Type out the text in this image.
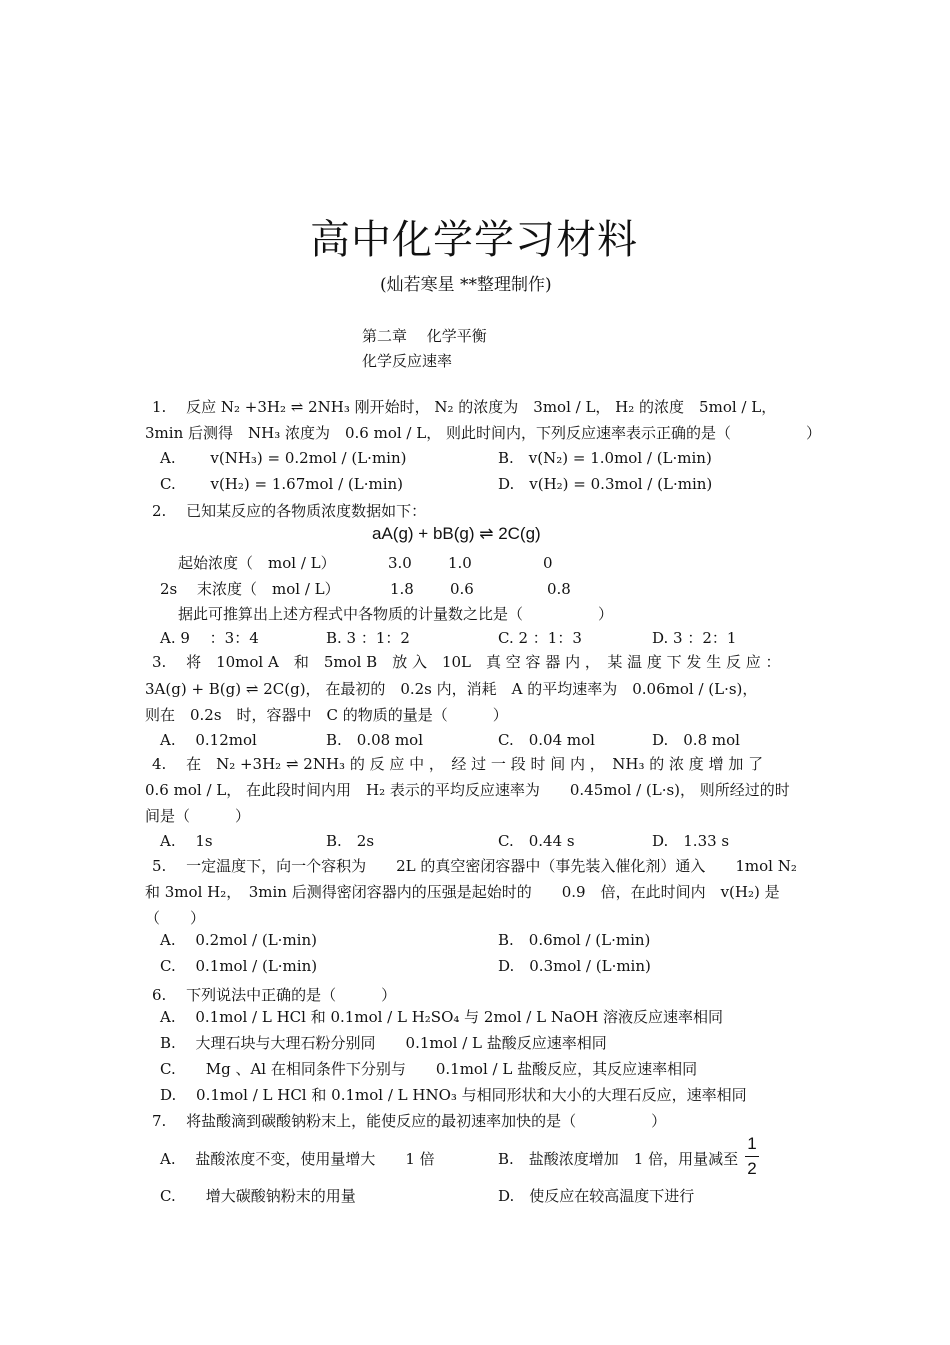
高中化学学习材料
(灿若寒星 **整理制作)
第二章　 化学平衡
化学反应速率
1.　 反应 N₂ +3H₂ ⇌ 2NH₃ 刚开始时， N₂ 的浓度为　3mol / L， H₂ 的浓度　5mol / L，
3min 后测得　NH₃ 浓度为　0.6 mol / L， 则此时间内，下列反应速率表示正确的是（　　　　　）
A.　　 v(NH₃) = 0.2mol / (L·min)	B.　v(N₂) = 1.0mol / (L·min)
C.　　 v(H₂) = 1.67mol / (L·min)	D.　v(H₂) = 0.3mol / (L·min)
2.　 已知某反应的各物质浓度数据如下：
aA(g) + bB(g) ⇌ 2C(g)
起始浓度（　mol / L）	3.0 1.0	0
2s　 末浓度（　mol / L）	1.8 0.6	0.8
据此可推算出上述方程式中各物质的计量数之比是（　　　　　）
A. 9　 ：3：4	B. 3 ：1：2	C. 2 ：1：3	D. 3 ：2：1
3.　 将　10mol A　和　5mol B　放 入　10L　真 空 容 器 内 ，　某 温 度 下 发 生 反 应 ：
3A(g) + B(g) ⇌ 2C(g)， 在最初的　0.2s 内，消耗　A 的平均速率为　0.06mol / (L·s)，
则在　0.2s　时，容器中　C 的物质的量是（　　　）
A.　 0.12mol	B.　0.08 mol	C.　0.04 mol	D.　0.8 mol
4.　 在　N₂ +3H₂ ⇌ 2NH₃ 的 反 应 中 ，　经 过 一 段 时 间 内 ，　NH₃ 的 浓 度 增 加 了
0.6 mol / L， 在此段时间内用　H₂ 表示的平均反应速率为　　0.45mol / (L·s)， 则所经过的时
间是（　　　）
A.　 1s	B.　2s	C.　0.44 s	D.　1.33 s
5.　 一定温度下，向一个容积为　　2L 的真空密闭容器中（事先装入催化剂）通入　　1mol N₂
和 3mol H₂，　3min 后测得密闭容器内的压强是起始时的　　0.9　倍，在此时间内　v(H₂) 是
（　　）
A.　 0.2mol / (L·min)	B.　0.6mol / (L·min)
C.　 0.1mol / (L·min)	D.　0.3mol / (L·min)
6.　 下列说法中正确的是（　　　）
A.　 0.1mol / L HCl 和 0.1mol / L H₂SO₄ 与 2mol / L NaOH 溶液反应速率相同
B.　 大理石块与大理石粉分别同　　0.1mol / L 盐酸反应速率相同
C.　　Mg 、Al 在相同条件下分别与　　0.1mol / L 盐酸反应，其反应速率相同
D.　 0.1mol / L HCl 和 0.1mol / L HNO₃ 与相同形状和大小的大理石反应，速率相同
7.　 将盐酸滴到碳酸钠粉末上，能使反应的最初速率加快的是（　　　　　）
A.　 盐酸浓度不变，使用量增大　　1 倍	B.　盐酸浓度增加　1 倍，用量减至
1
2
C.　　增大碳酸钠粉末的用量	D.　使反应在较高温度下进行
